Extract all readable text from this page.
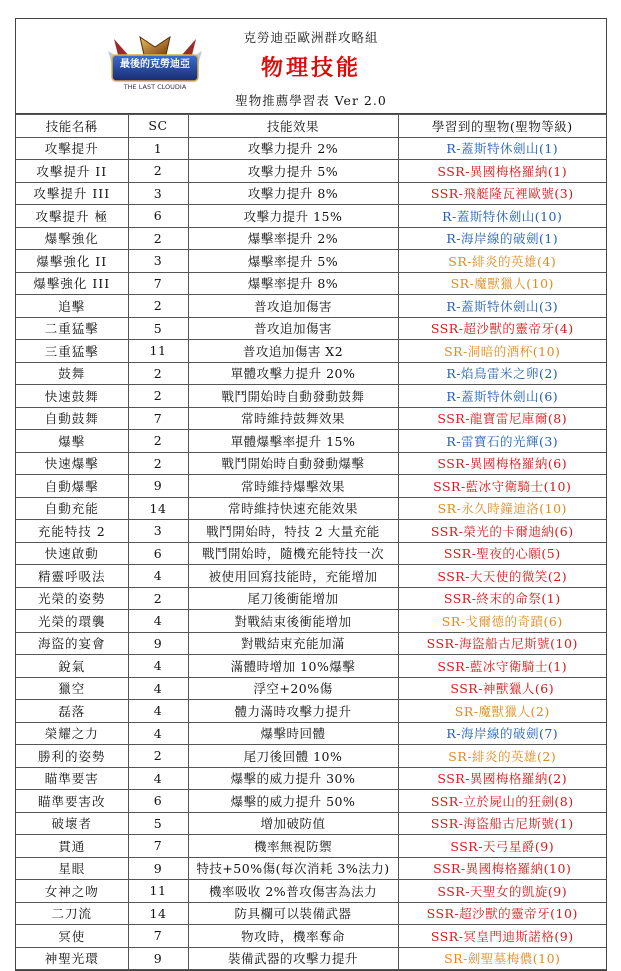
最後的克勞迪亞
THE LAST CLOUDIA
克勞迪亞歐洲群攻略組
物理技能
聖物推薦學習表 Ver 2.0
技能名稱	SC	技能效果	學習到的聖物(聖物等級)
攻擊提升	1	攻擊力提升 2%	R-蓋斯特休劍山(1)
攻擊提升 II	2	攻擊力提升 5%	SSR-異國梅格羅納(1)
攻擊提升 III	3	攻擊力提升 8%	SSR-飛艇隆瓦裡歐號(3)
攻擊提升 極	6	攻擊力提升 15%	R-蓋斯特休劍山(10)
爆擊強化	2	爆擊率提升 2%	R-海岸線的破劍(1)
爆擊強化 II	3	爆擊率提升 5%	SR-緋炎的英雄(4)
爆擊強化 III	7	爆擊率提升 8%	SR-魔獸獵人(10)
追擊	2	普攻追加傷害	R-蓋斯特休劍山(3)
二重猛擊	5	普攻追加傷害	SSR-超沙獸的靈帝牙(4)
三重猛擊	11	普攻追加傷害 X2	SR-洞暗的酒杯(10)
鼓舞	2	單體攻擊力提升 20%	R-焰鳥雷米之卵(2)
快速鼓舞	2	戰鬥開始時自動發動鼓舞	R-蓋斯特休劍山(6)
自動鼓舞	7	常時維持鼓舞效果	SSR-龍寶雷尼庫爾(8)
爆擊	2	單體爆擊率提升 15%	R-雷寶石的光輝(3)
快速爆擊	2	戰鬥開始時自動發動爆擊	SSR-異國梅格羅納(6)
自動爆擊	9	常時維持爆擊效果	SSR-藍冰守衛騎士(10)
自動充能	14	常時維持快速充能效果	SR-永久時鐘迪洛(10)
充能特技 2	3	戰鬥開始時，特技 2 大量充能	SSR-榮光的卡爾迪納(6)
快速啟動	6	戰鬥開始時，隨機充能特技一次	SSR-聖夜的心願(5)
精靈呼吸法	4	被使用回寫技能時，充能增加	SSR-大天使的微笑(2)
光榮的姿勢	2	尾刀後衝能增加	SSR-終末的命祭(1)
光榮的環襲	4	對戰結束後衝能增加	SR-戈爾德的奇蹟(6)
海盜的宴會	9	對戰結束充能加滿	SSR-海盜船古尼斯號(10)
銳氣	4	滿體時增加 10%爆擊	SSR-藍冰守衛騎士(1)
獵空	4	浮空+20%傷	SSR-神獸獵人(6)
磊落	4	體力滿時攻擊力提升	SR-魔獸獵人(2)
榮耀之力	4	爆擊時回體	R-海岸線的破劍(7)
勝利的姿勢	2	尾刀後回體 10%	SR-緋炎的英雄(2)
瞄準要害	4	爆擊的威力提升 30%	SSR-異國梅格羅納(2)
瞄準要害改	6	爆擊的威力提升 50%	SSR-立於屍山的狂劍(8)
破壞者	5	增加破防值	SSR-海盜船古尼斯號(1)
貫通	7	機率無視防禦	SSR-天弓星爵(9)
星眼	9	特技+50%傷(每次消耗 3%法力)	SSR-異國梅格羅納(10)
女神之吻	11	機率吸收 2%普攻傷害為法力	SSR-天聖女的凱旋(9)
二刀流	14	防具欄可以裝備武器	SSR-超沙獸的靈帝牙(10)
冥使	7	物攻時，機率奪命	SSR-冥皇門迪斯諾格(9)
神聖光環	9	裝備武器的攻擊力提升	SR-劍聖墓梅儂(10)
